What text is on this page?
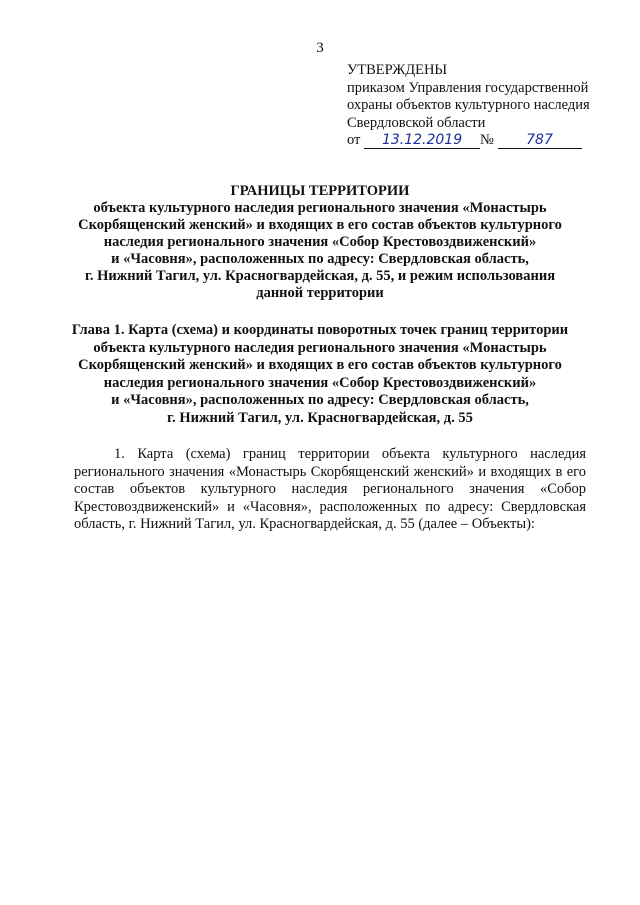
3
УТВЕРЖДЕНЫ
приказом Управления государственной
охраны объектов культурного наследия
Свердловской области
от 13.12.2019 № 787
ГРАНИЦЫ ТЕРРИТОРИИ
объекта культурного наследия регионального значения «Монастырь
Скорбященский женский» и входящих в его состав объектов культурного
наследия регионального значения «Собор Крестовоздвиженский»
и «Часовня», расположенных по адресу: Свердловская область,
г. Нижний Тагил, ул. Красногвардейская, д. 55, и режим использования
данной территории
Глава 1. Карта (схема) и координаты поворотных точек границ территории
объекта культурного наследия регионального значения «Монастырь
Скорбященский женский» и входящих в его состав объектов культурного
наследия регионального значения «Собор Крестовоздвиженский»
и «Часовня», расположенных по адресу: Свердловская область,
г. Нижний Тагил, ул. Красногвардейская, д. 55
1. Карта (схема) границ территории объекта культурного наследия
регионального значения «Монастырь Скорбященский женский» и входящих в его
состав объектов культурного наследия регионального значения «Собор
Крестовоздвиженский» и «Часовня», расположенных по адресу: Свердловская
область, г. Нижний Тагил, ул. Красногвардейская, д. 55 (далее – Объекты):
